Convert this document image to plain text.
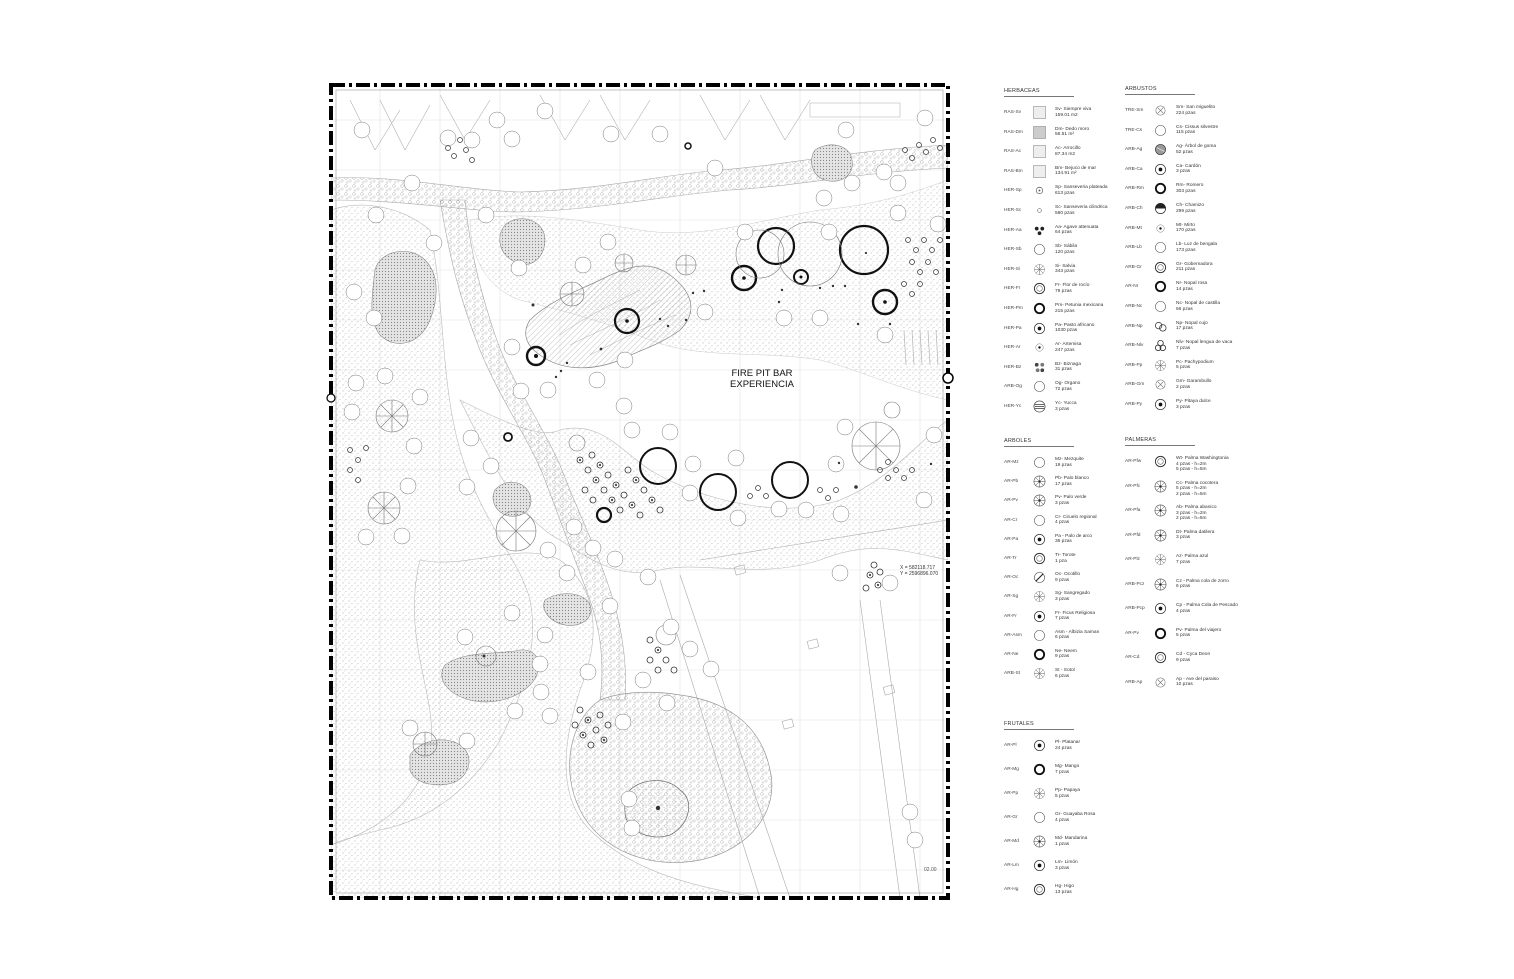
FIRE PIT BAR
EXPERIENCIA
X = 582118.717
Y = 2596896.070
02.00
HERBACEAS
RAS-Sv
Sv- Siempre viva
159.01 m2
RAS-Dm
Dm- Dedo moro
56.51 m²
RAS-Ac
Ac- Arrocillo
87.34 m2
RAS-Bm
Bm- Bejuco de mar
134.91 m²
HER-Sp
Sp- Sanseveria plateada
613 pzas
HER-Sc
Sc- Sanseveria cilindrica
580 pzas
HER-Aa
Aa- Agave attenuata
64 pzas
HER-Sb
Sb- Sábila
120 pzas
HER-Si
Si- Salvia
343 pzas
HER-Fr
Fr- Flor de rocío
79 pzas
HER-Pm
Pm- Petunia mexicana
215 pzas
HER-Pa
Pa- Pasto africano
1030 pzas
HER-Ar
Ar- Artemisa
247 pzas
HER-Bz
Bz- Biznaga
31 pzas
ARB-Og
Og- Organo
72 pzas
HER-Yc
Yc- Yucca
3 pzas
ARBUSTOS
TRE-Sm
Sm- San miguelito
224 pzas
TRE-Cs
Cs- Cissus silvestre
115 pzas
ARB-Ag
Ag- Árbol de goma
52 pzas
ARB-Ca
Ca- Cardón
3 pzas
ARB-Rm
Rm- Romero
303 pzas
ARB-Ch
Ch- Chamizo
299 pzas
ARB-Mt
Mt- Mirto
170 pzas
ARB-Lb
Lb- Luz de bengala
173 pzas
ARB-Gr
Gr- Gobernadora
211 pzas
AR-Nr
Nr- Nopal rosa
14 pzas
ARB-Nc
Nc- Nopal de castilla
66 pzas
ARB-Np
Np- Nopal cujo
17 pzas
ARB-Nlv
Nlv- Nopal lengua de vaca
7 pzas
ARB-Pp
Pc- Pachypodium
5 pzas
ARB-Gm
Gm- Garambullo
2 pzas
ARB-Py
Py- Pitaya dulce
3 pzas
ARBOLES
AR-Mz
Mz- Mezquite
19 pzas
AR-Pb
Pb- Palo blanco
17 pzas
AR-Pv
Pv- Palo verde
3 pzas
AR-Cr
Cr- Ciruelo regional
4 pzas
AR-Pa
Pa - Palo de arco
36 pzas
AR-Tr
Tr- Torote
1 pza
AR-Oc
Oc- Ocotillo
9 pzas
AR-Sg
Sg- Sangregado
3 pzas
AR-Fr
Fr- Ficus Religiosa
7 pzas
AR-Asm
Asm - Albizia Saman
6 pzas
AR-Ne
Ne- Neem
9 pzas
ARB-St
St - Sotol
6 pzas
PALMERAS
AR-Pfw
Wt- Palma Washingtonia
4 pzas - h=2m
5 pzas - h=5m
AR-Pfc
Cc- Palma cocotera
5 pzas - h=2m
2 pzas - h=5m
AR-Pfa
Ab- Palma abanico
3 pzas - h=2m
2 pzas - h=5m
AR-Pfd
Dt- Palma datilera
3 pzas
AR-Plz
Az- Palma azul
7 pzas
ARB-Pcz
Cz - Palma cola de zorro
6 pzas
ARB-Pcp
Cp - Palma Cola de Pescado
4 pzas
AR-Pv
Pv- Palma del viajero
5 pzas
AR-Cd
Cd - Cyca Deon
9 pzas
ARB-Ap
Ap - Ave del paraiso
10 pzas
FRUTALES
AR-Pl
Pl- Platanar
24 pzas
AR-Mg
Mg- Mango
7 pzas
AR-Pp
Pp- Papaya
5 pzas
AR-Gr
Gr- Guayaba Rosa
4 pzas
AR-Md
Md- Mandarina
1 pzas
AR-Lm
Lm- Limón
3 pzas
AR-Hg
Hg- Higo
13 pzas
